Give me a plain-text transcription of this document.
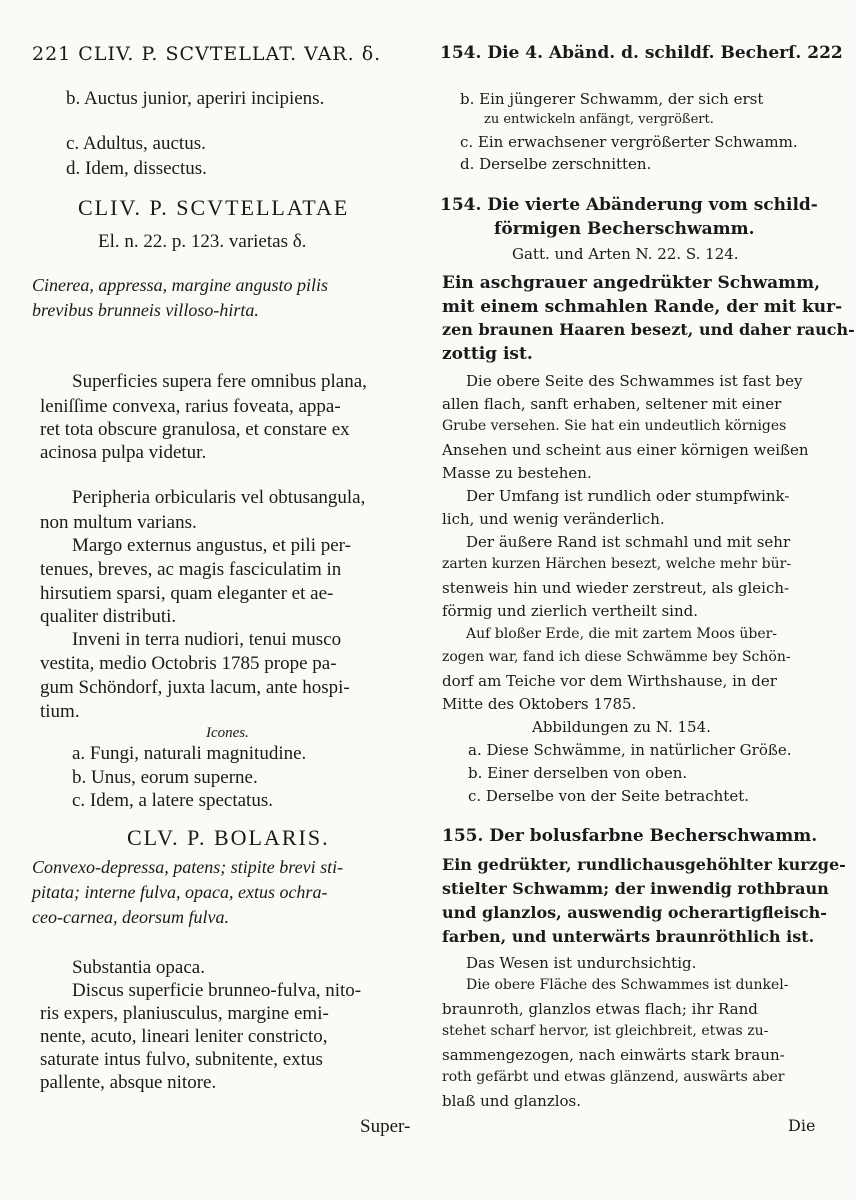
221 CLIV. P. SCVTELLAT. VAR. δ.
b. Auctus junior, aperiri incipiens.
c. Adultus, auctus.
d. Idem, dissectus.
CLIV. P. SCVTELLATAE
El. n. 22. p. 123. varietas δ.
Cinerea, appressa, margine angusto pilis
brevibus brunneis villoso-hirta.
Superficies supera fere omnibus plana,
leniſſime convexa, rarius foveata, appa-
ret tota obscure granulosa, et constare ex
acinosa pulpa videtur.
Peripheria orbicularis vel obtusangula,
non multum varians.
Margo externus angustus, et pili per-
tenues, breves, ac magis fasciculatim in
hirsutiem sparsi, quam eleganter et ae-
qualiter distributi.
Inveni in terra nudiori, tenui musco
vestita, medio Octobris 1785 prope pa-
gum Schöndorf, juxta lacum, ante hospi-
tium.
Icones.
a. Fungi, naturali magnitudine.
b. Unus, eorum superne.
c. Idem, a latere spectatus.
CLV. P. BOLARIS.
Convexo-depressa, patens; stipite brevi sti-
pitata; interne fulva, opaca, extus ochra-
ceo-carnea, deorsum fulva.
Substantia opaca.
Discus superficie brunneo-fulva, nito-
ris expers, planiusculus, margine emi-
nente, acuto, lineari leniter constricto,
saturate intus fulvo, subnitente, extus
pallente, absque nitore.
Super-
154. Die 4. Abänd. d. schildf. Becherſ. 222
b. Ein jüngerer Schwamm, der sich erst
zu entwickeln anfängt, vergrößert.
c. Ein erwachsener vergrößerter Schwamm.
d. Derselbe zerschnitten.
154. Die vierte Abänderung vom schild-
förmigen Becherschwamm.
Gatt. und Arten N. 22. S. 124.
Ein aschgrauer angedrükter Schwamm,
mit einem schmahlen Rande, der mit kur-
zen braunen Haaren besezt, und daher rauch-
zottig ist.
Die obere Seite des Schwammes ist fast bey
allen flach, sanft erhaben, seltener mit einer
Grube versehen. Sie hat ein undeutlich körniges
Ansehen und scheint aus einer körnigen weißen
Masse zu bestehen.
Der Umfang ist rundlich oder stumpfwink-
lich, und wenig veränderlich.
Der äußere Rand ist schmahl und mit sehr
zarten kurzen Härchen besezt, welche mehr bür-
stenweis hin und wieder zerstreut, als gleich-
förmig und zierlich vertheilt sind.
Auf bloßer Erde, die mit zartem Moos über-
zogen war, fand ich diese Schwämme bey Schön-
dorf am Teiche vor dem Wirthshause, in der
Mitte des Oktobers 1785.
Abbildungen zu N. 154.
a. Diese Schwämme, in natürlicher Größe.
b. Einer derselben von oben.
c. Derselbe von der Seite betrachtet.
155. Der bolusfarbne Becherschwamm.
Ein gedrükter, rundlichausgehöhlter kurzge-
stielter Schwamm; der inwendig rothbraun
und glanzlos, auswendig ocherartigfleisch-
farben, und unterwärts braunröthlich ist.
Das Wesen ist undurchsichtig.
Die obere Fläche des Schwammes ist dunkel-
braunroth, glanzlos etwas flach; ihr Rand
stehet scharf hervor, ist gleichbreit, etwas zu-
sammengezogen, nach einwärts stark braun-
roth gefärbt und etwas glänzend, auswärts aber
blaß und glanzlos.
Die
